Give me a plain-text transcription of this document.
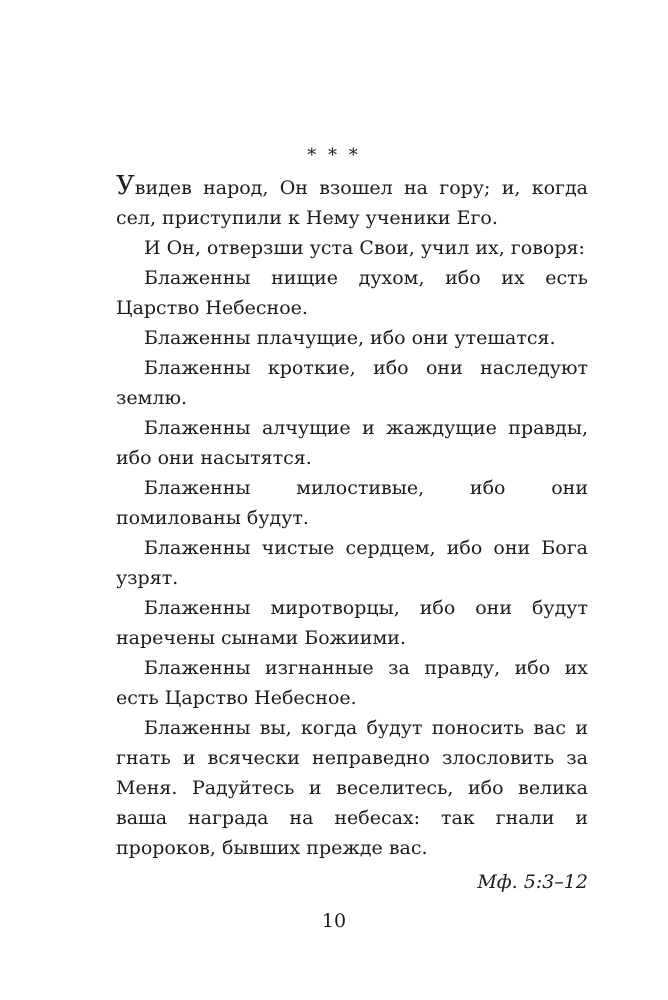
* * *

Увидев народ, Он взошел на гору; и, когда сел, приступили к Нему ученики Его.

И Он, отверзши уста Свои, учил их, говоря:

Блаженны нищие духом, ибо их есть Царство Небесное.

Блаженны плачущие, ибо они утешатся.

Блаженны кроткие, ибо они наследуют землю.

Блаженны алчущие и жаждущие правды, ибо они насытятся.

Блаженны милостивые, ибо они помилованы будут.

Блаженны чистые сердцем, ибо они Бога узрят.

Блаженны миротворцы, ибо они будут наречены сынами Божиими.

Блаженны изгнанные за правду, ибо их есть Царство Небесное.

Блаженны вы, когда будут поносить вас и гнать и всячески неправедно злословить за Меня. Радуйтесь и веселитесь, ибо велика ваша награда на небесах: так гнали и пророков, бывших прежде вас.

Мф. 5:3–12

10
